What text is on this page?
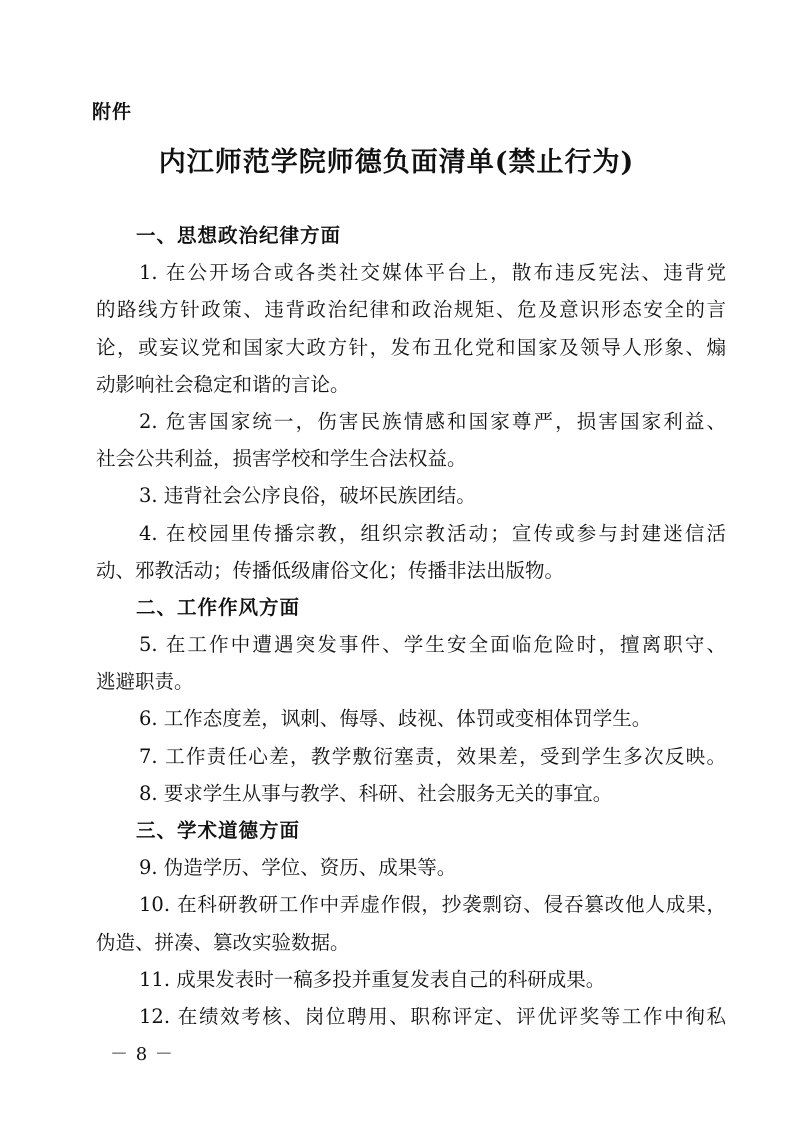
附件
内江师范学院师德负面清单(禁止行为)
一、思想政治纪律方面
1. 在公开场合或各类社交媒体平台上，散布违反宪法、违背党
的路线方针政策、违背政治纪律和政治规矩、危及意识形态安全的言
论，或妄议党和国家大政方针，发布丑化党和国家及领导人形象、煽
动影响社会稳定和谐的言论。
2. 危害国家统一，伤害民族情感和国家尊严，损害国家利益、
社会公共利益，损害学校和学生合法权益。
3. 违背社会公序良俗，破坏民族团结。
4. 在校园里传播宗教，组织宗教活动；宣传或参与封建迷信活
动、邪教活动；传播低级庸俗文化；传播非法出版物。
二、工作作风方面
5. 在工作中遭遇突发事件、学生安全面临危险时，擅离职守、
逃避职责。
6. 工作态度差，讽刺、侮辱、歧视、体罚或变相体罚学生。
7. 工作责任心差，教学敷衍塞责，效果差，受到学生多次反映。
8. 要求学生从事与教学、科研、社会服务无关的事宜。
三、学术道德方面
9. 伪造学历、学位、资历、成果等。
10. 在科研教研工作中弄虚作假，抄袭剽窃、侵吞篡改他人成果，
伪造、拼凑、篡改实验数据。
11. 成果发表时一稿多投并重复发表自己的科研成果。
12. 在绩效考核、岗位聘用、职称评定、评优评奖等工作中徇私
－ 8 －
